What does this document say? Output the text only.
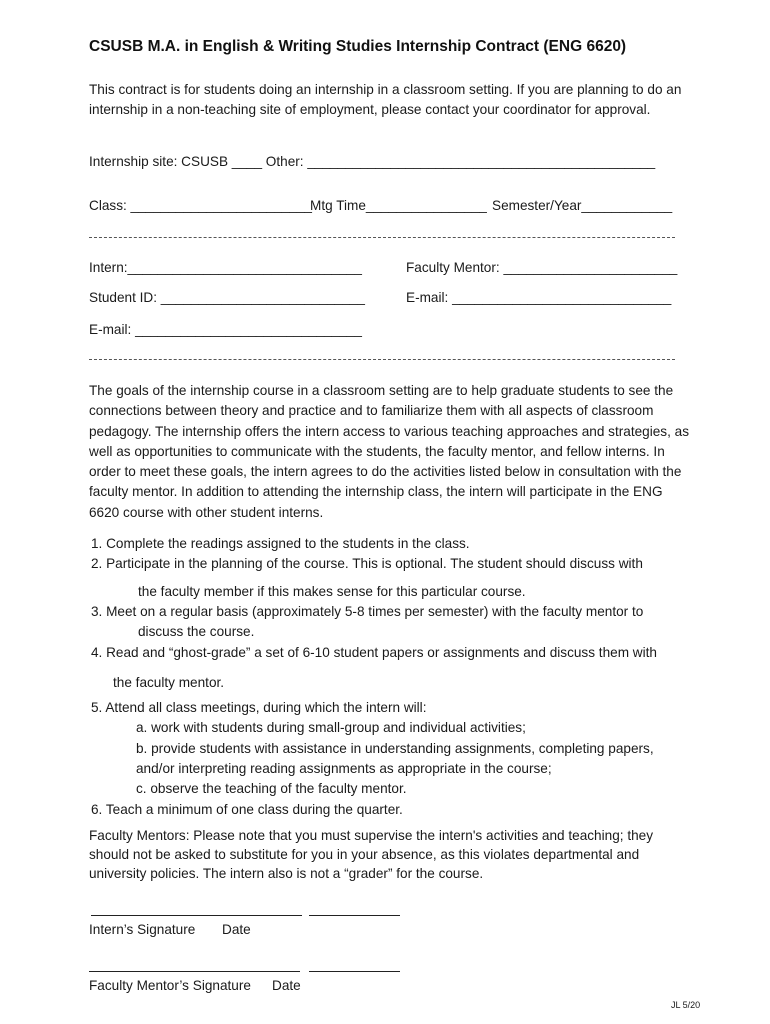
CSUSB M.A. in English & Writing Studies Internship Contract (ENG 6620)
This contract is for students doing an internship in a classroom setting. If you are planning to do an internship in a non-teaching site of employment, please contact your coordinator for approval.
Internship site: CSUSB ____ Other: ______________________________________________
Class: ________________________
Mtg Time________________ Semester/Year____________
Intern:_______________________________	Faculty Mentor: _______________________
Student ID: ___________________________	E-mail: _____________________________
E-mail: ______________________________
The goals of the internship course in a classroom setting are to help graduate students to see the connections between theory and practice and to familiarize them with all aspects of classroom pedagogy. The internship offers the intern access to various teaching approaches and strategies, as well as opportunities to communicate with the students, the faculty mentor, and fellow interns. In order to meet these goals, the intern agrees to do the activities listed below in consultation with the faculty mentor. In addition to attending the internship class, the intern will participate in the ENG 6620 course with other student interns.
1. Complete the readings assigned to the students in the class.
2. Participate in the planning of the course. This is optional. The student should discuss with
the faculty member if this makes sense for this particular course.
3. Meet on a regular basis (approximately 5-8 times per semester) with the faculty mentor to
discuss the course.
4. Read and “ghost-grade” a set of 6-10 student papers or assignments and discuss them with
the faculty mentor.
5. Attend all class meetings, during which the intern will:
a. work with students during small-group and individual activities;
b. provide students with assistance in understanding assignments, completing papers,
and/or interpreting reading assignments as appropriate in the course;
c. observe the teaching of the faculty mentor.
6. Teach a minimum of one class during the quarter.
Faculty Mentors: Please note that you must supervise the intern's activities and teaching; they should not be asked to substitute for you in your absence, as this violates departmental and university policies. The intern also is not a “grader” for the course.
Intern’s Signature Date
Faculty Mentor’s Signature Date
JL 5/20
